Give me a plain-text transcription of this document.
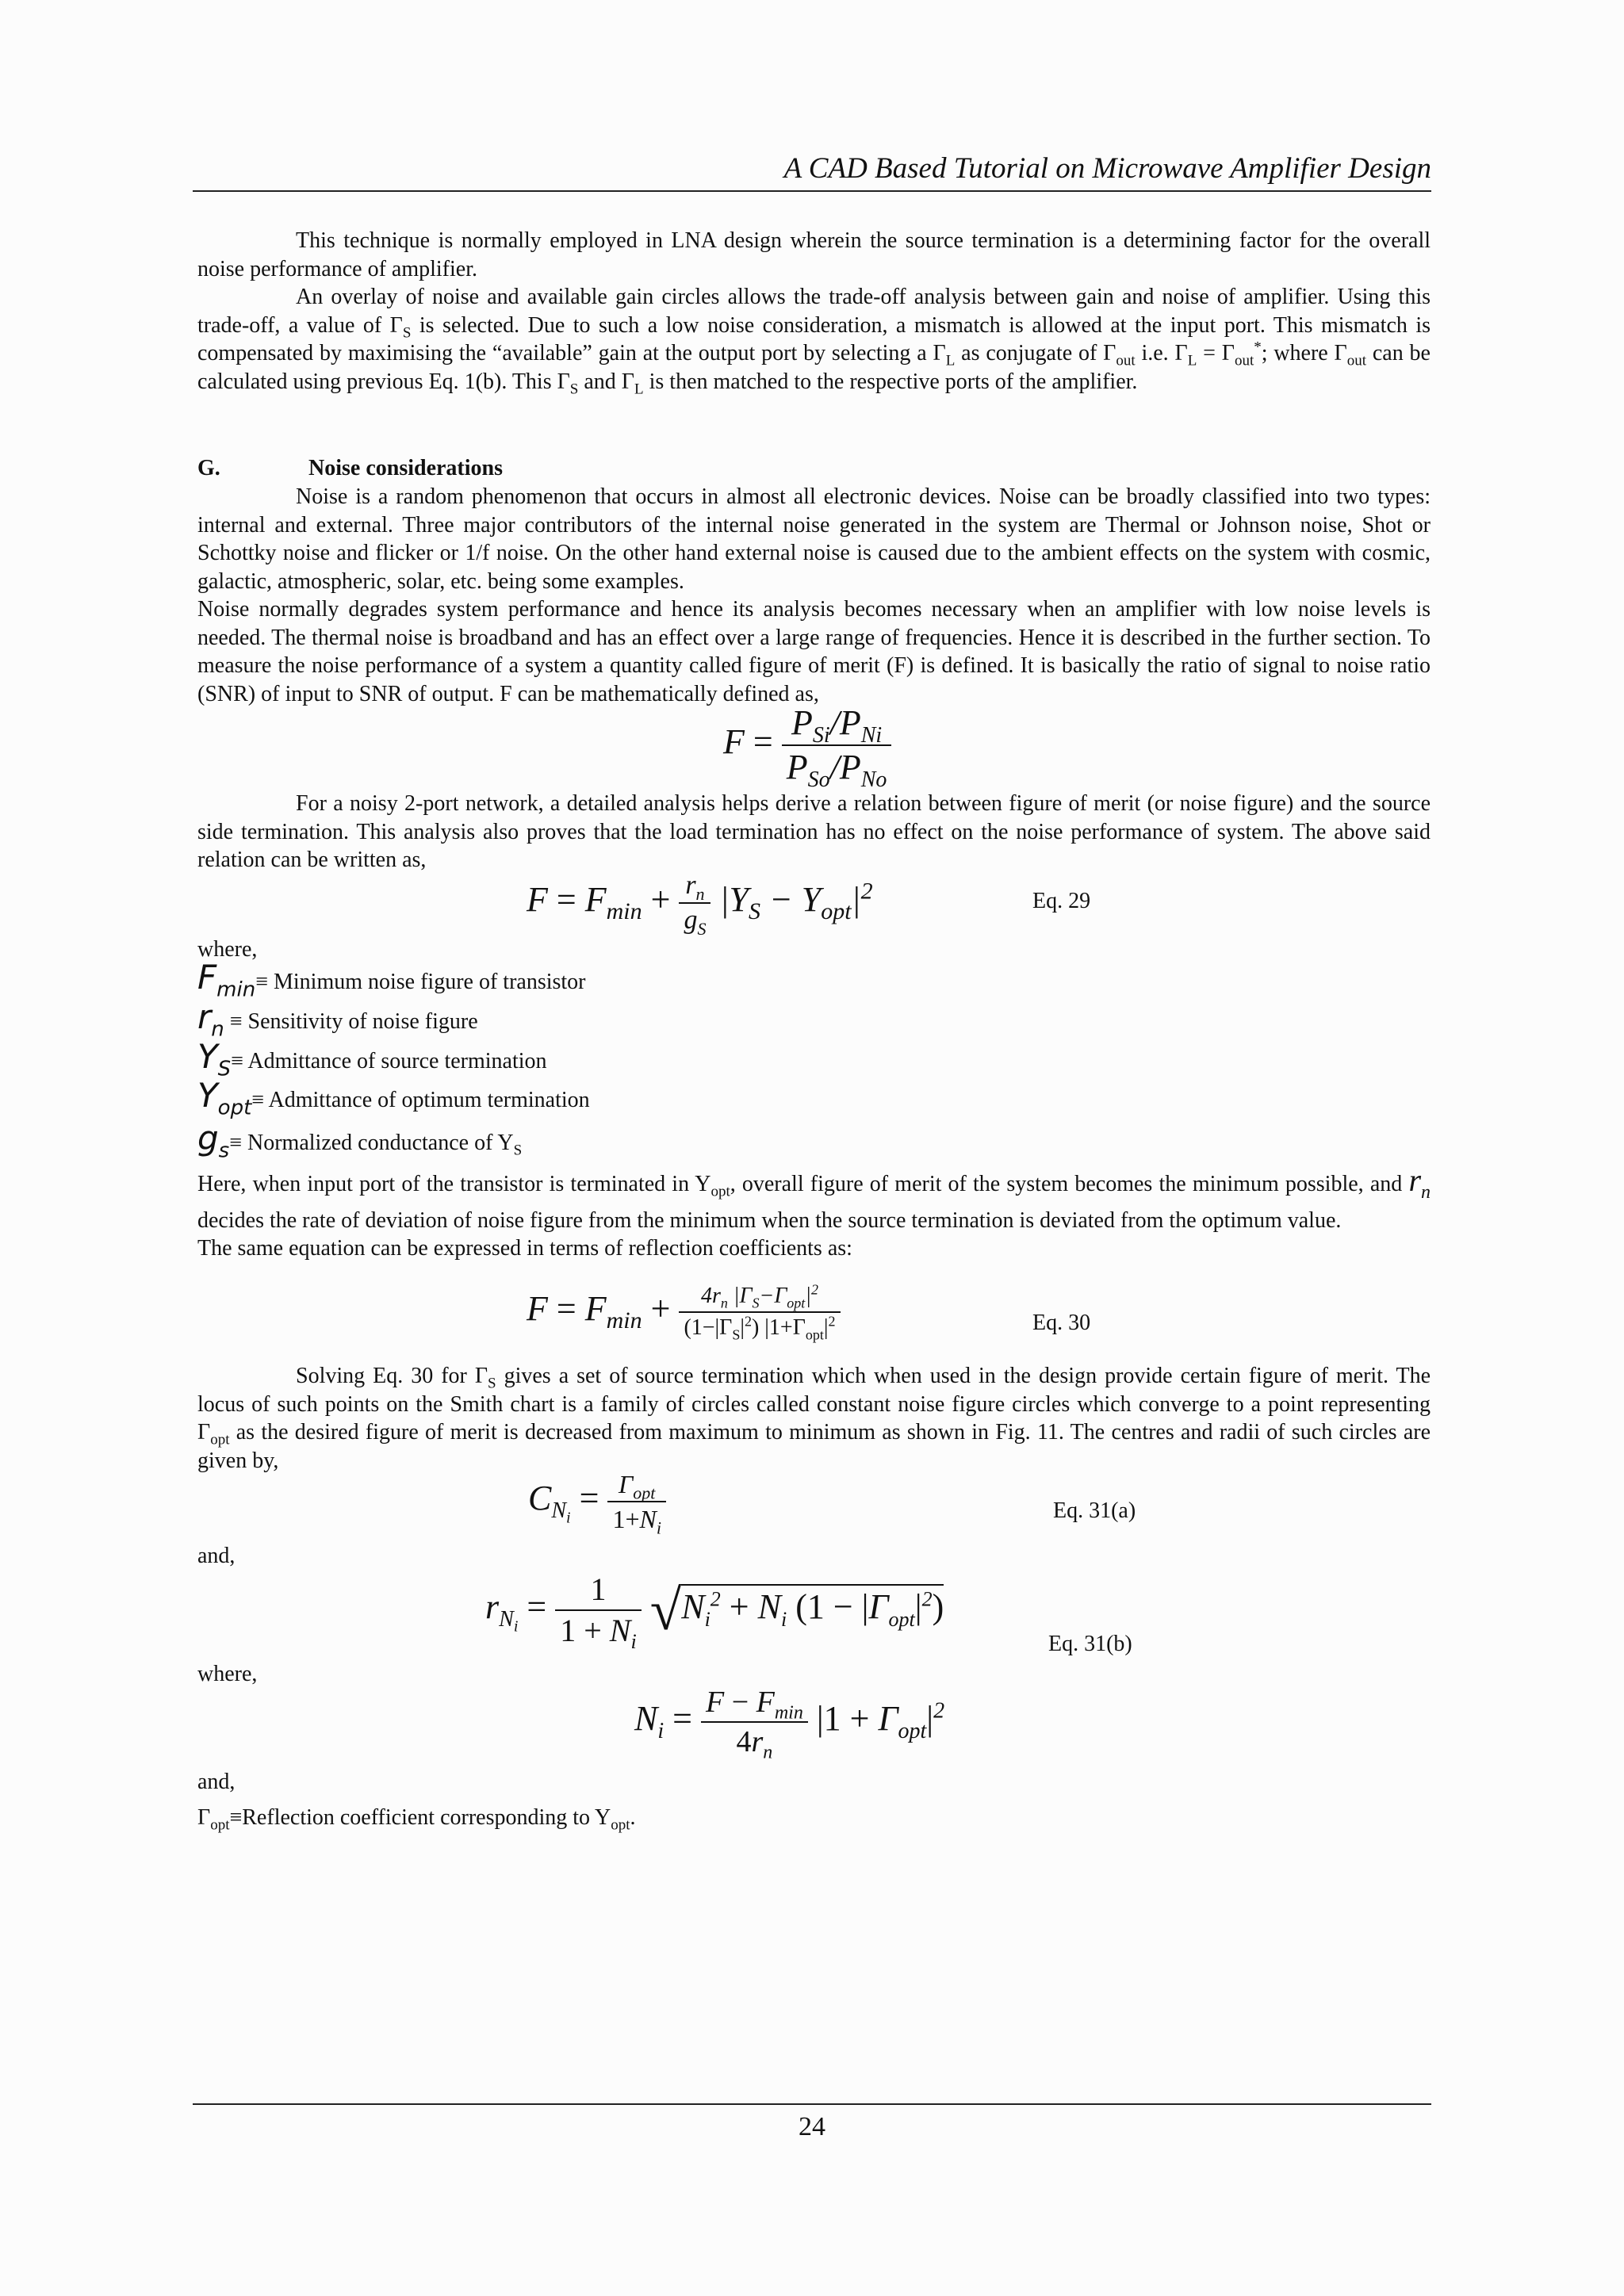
A CAD Based Tutorial on Microwave Amplifier Design

This technique is normally employed in LNA design wherein the source termination is a determining factor for the overall noise performance of amplifier.

An overlay of noise and available gain circles allows the trade-off analysis between gain and noise of amplifier. Using this trade-off, a value of $\Gamma_S$ is selected. Due to such a low noise consideration, a mismatch is allowed at the input port. This mismatch is compensated by maximising the “available” gain at the output port by selecting a $\Gamma_L$ as conjugate of $\Gamma_{out}$ i.e. $\Gamma_L = \Gamma_{out}^*$; where $\Gamma_{out}$ can be calculated using previous Eq. 1(b). This $\Gamma_S$ and $\Gamma_L$ is then matched to the respective ports of the amplifier.

G.	Noise considerations

Noise is a random phenomenon that occurs in almost all electronic devices. Noise can be broadly classified into two types: internal and external. Three major contributors of the internal noise generated in the system are Thermal or Johnson noise, Shot or Schottky noise and flicker or 1/f noise. On the other hand external noise is caused due to the ambient effects on the system with cosmic, galactic, atmospheric, solar, etc. being some examples.

Noise normally degrades system performance and hence its analysis becomes necessary when an amplifier with low noise levels is needed. The thermal noise is broadband and has an effect over a large range of frequencies. Hence it is described in the further section. To measure the noise performance of a system a quantity called figure of merit (F) is defined. It is basically the ratio of signal to noise ratio (SNR) of input to SNR of output. F can be mathematically defined as,

$F = \frac{P_{Si}/P_{Ni}}{P_{So}/P_{No}}$

For a noisy 2-port network, a detailed analysis helps derive a relation between figure of merit (or noise figure) and the source side termination. This analysis also proves that the load termination has no effect on the noise performance of system. The above said relation can be written as,

$F = F_{min} + \frac{r_n}{g_S} |Y_S - Y_{opt}|^2$	Eq. 29
where,
$F_{min}\equiv$ Minimum noise figure of transistor
$r_n$ ≡ Sensitivity of noise figure
$Y_S\equiv$ Admittance of source termination
$Y_{opt}\equiv$ Admittance of optimum termination
$g_s\equiv$ Normalized conductance of $Y_S$

Here, when input port of the transistor is terminated in $Y_{opt}$, overall figure of merit of the system becomes the minimum possible, and $r_n$ decides the rate of deviation of noise figure from the minimum when the source termination is deviated from the optimum value.

The same equation can be expressed in terms of reflection coefficients as:

$F = F_{min} + \frac{4r_n |\Gamma_S-\Gamma_{opt}|^2}{(1-|\Gamma_S|^2) |1+\Gamma_{opt}|^2}$	Eq. 30

Solving Eq. 30 for $\Gamma_S$ gives a set of source termination which when used in the design provide certain figure of merit. The locus of such points on the Smith chart is a family of circles called constant noise figure circles which converge to a point representing $\Gamma_{opt}$ as the desired figure of merit is decreased from maximum to minimum as shown in Fig. 11. The centres and radii of such circles are given by,

$C_{N_i} = \frac{\Gamma_{opt}}{1+N_i}$	Eq. 31(a)
and,
$r_{N_i} = \frac{1}{1 + N_i} √N_i^2 + N_i$ $(1 - |\Gamma_{opt}|^2)$
Eq. 31(b)
where,
$N_i = \frac{F - F_{min}}{4r_n} |1 + \Gamma_{opt}|^2$
and,
$\Gamma_{opt}\equiv Reflection$ coefficient corresponding to $Y_{opt}$.
24
